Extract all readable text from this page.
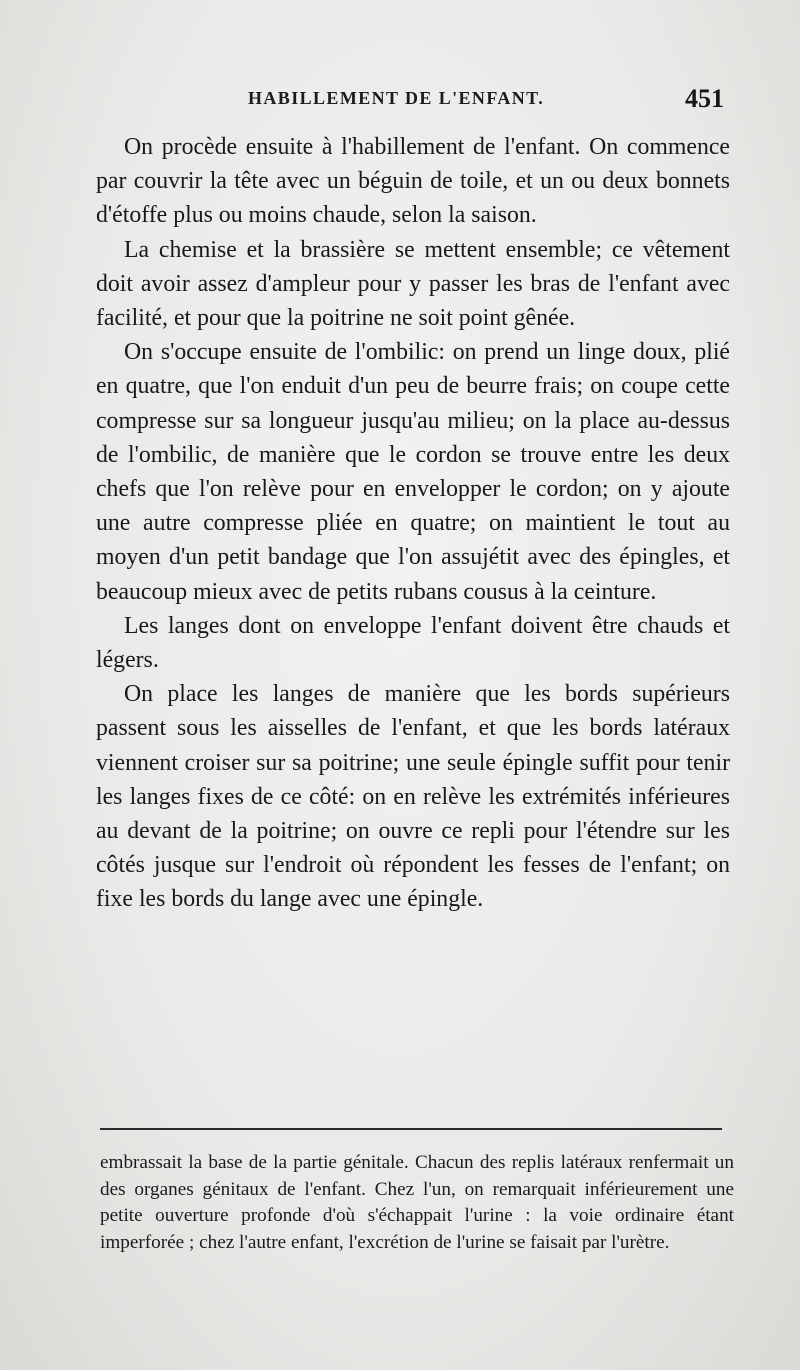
HABILLEMENT DE L'ENFANT.	451

On procède ensuite à l'habillement de l'enfant. On commence par couvrir la tête avec un béguin de toile, et un ou deux bonnets d'étoffe plus ou moins chaude, selon la saison.

La chemise et la brassière se mettent ensemble; ce vêtement doit avoir assez d'ampleur pour y passer les bras de l'enfant avec facilité, et pour que la poitrine ne soit point gênée.

On s'occupe ensuite de l'ombilic: on prend un linge doux, plié en quatre, que l'on enduit d'un peu de beurre frais; on coupe cette compresse sur sa longueur jusqu'au milieu; on la place au-dessus de l'ombilic, de manière que le cordon se trouve entre les deux chefs que l'on relève pour en envelopper le cordon; on y ajoute une autre compresse pliée en quatre; on maintient le tout au moyen d'un petit bandage que l'on assujétit avec des épingles, et beaucoup mieux avec de petits rubans cousus à la ceinture.

Les langes dont on enveloppe l'enfant doivent être chauds et légers.

On place les langes de manière que les bords supérieurs passent sous les aisselles de l'enfant, et que les bords latéraux viennent croiser sur sa poitrine; une seule épingle suffit pour tenir les langes fixes de ce côté: on en relève les extrémités inférieures au devant de la poitrine; on ouvre ce repli pour l'étendre sur les côtés jusque sur l'endroit où répondent les fesses de l'enfant; on fixe les bords du lange avec une épingle.

embrassait la base de la partie génitale. Chacun des replis latéraux renfermait un des organes génitaux de l'enfant. Chez l'un, on remarquait inférieurement une petite ouverture profonde d'où s'échappait l'urine : la voie ordinaire étant imperforée ; chez l'autre enfant, l'excrétion de l'urine se faisait par l'urètre.
